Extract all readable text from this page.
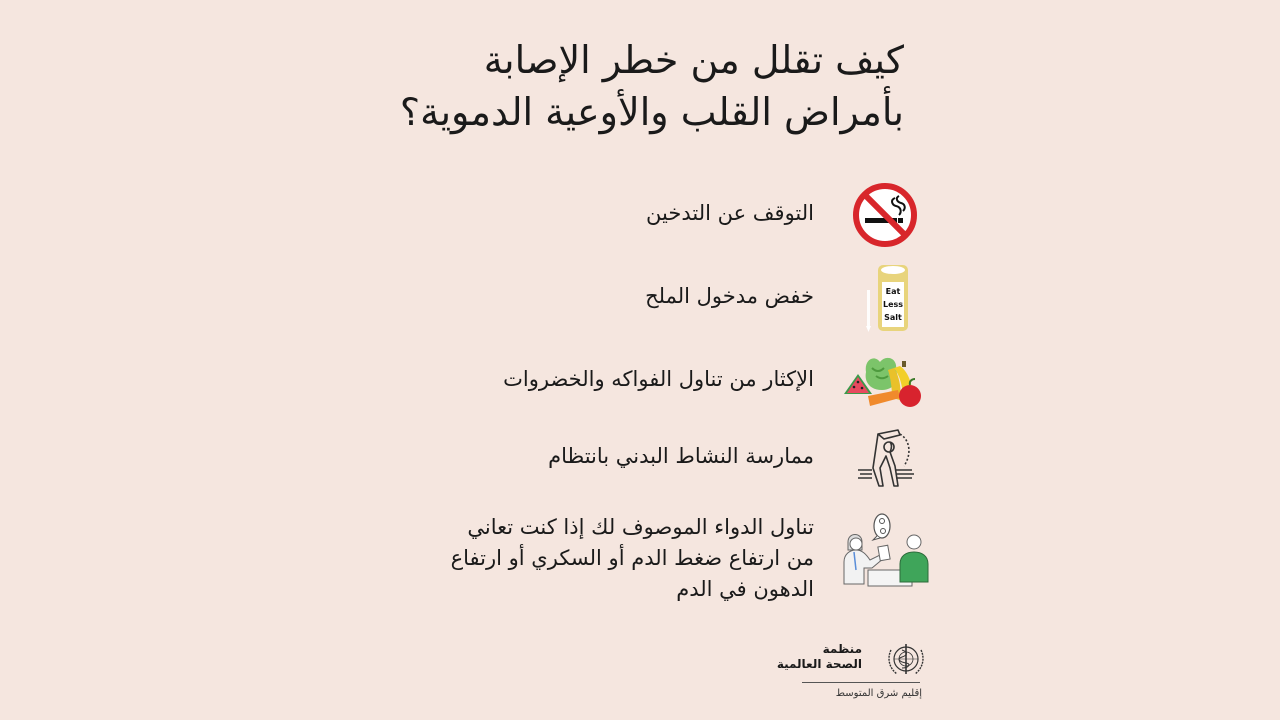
كيف تقلل من خطر الإصابة
بأمراض القلب والأوعية الدموية؟
التوقف عن التدخين
خفض مدخول الملح	Eat
Less
Salt
الإكثار من تناول الفواكه والخضروات
ممارسة النشاط البدني بانتظام
تناول الدواء الموصوف لك إذا كنت تعاني
من ارتفاع ضغط الدم أو السكري أو ارتفاع
الدهون في الدم
منظمة
الصحة العالمية
إقليم شرق المتوسط
